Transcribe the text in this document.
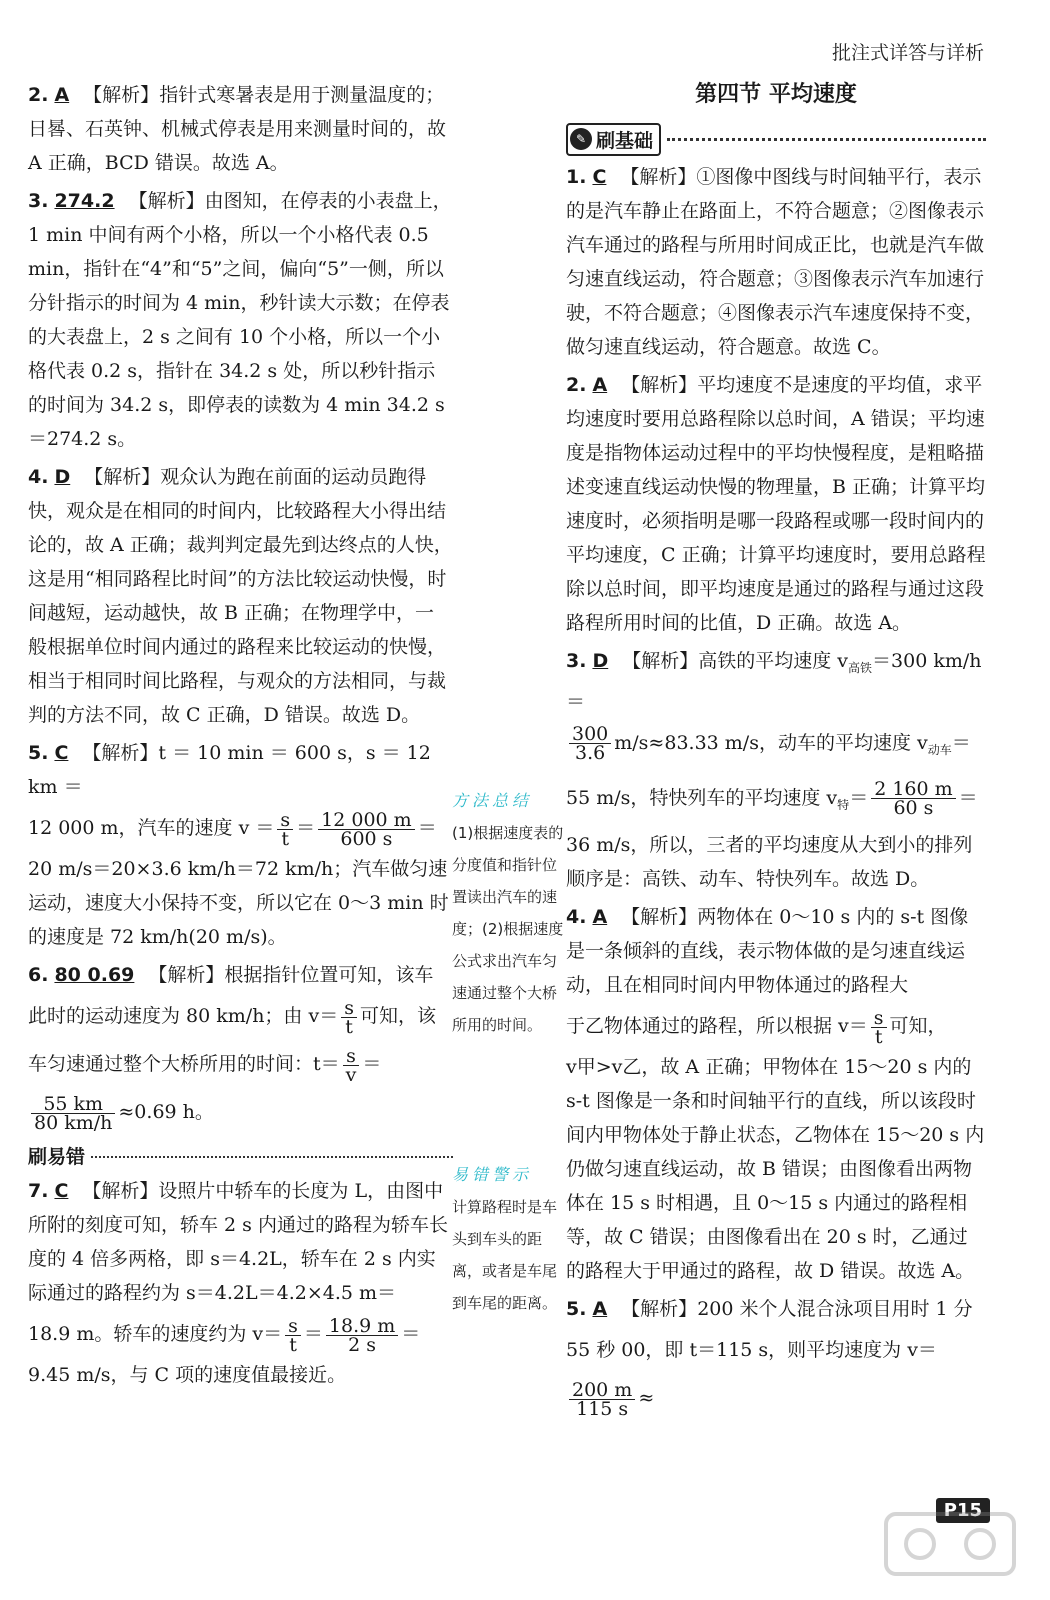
批注式详答与详析

2. A 【解析】指针式寒暑表是用于测量温度的；日晷、石英钟、机械式停表是用来测量时间的，故 A 正确，BCD 错误。故选 A。

3. 274.2 【解析】由图知，在停表的小表盘上，1 min 中间有两个小格，所以一个小格代表 0.5 min，指针在“4”和“5”之间，偏向“5”一侧，所以分针指示的时间为 4 min，秒针读大示数；在停表的大表盘上，2 s 之间有 10 个小格，所以一个小格代表 0.2 s，指针在 34.2 s 处，所以秒针指示的时间为 34.2 s，即停表的读数为 4 min 34.2 s＝274.2 s。

4. D 【解析】观众认为跑在前面的运动员跑得快，观众是在相同的时间内，比较路程大小得出结论的，故 A 正确；裁判判定最先到达终点的人快，这是用“相同路程比时间”的方法比较运动快慢，时间越短，运动越快，故 B 正确；在物理学中，一般根据单位时间内通过的路程来比较运动的快慢，相当于相同时间比路程，与观众的方法相同，与裁判的方法不同，故 C 正确，D 错误。故选 D。

5. C 【解析】t ＝ 10 min ＝ 600 s，s ＝ 12 km ＝

12 000 m，汽车的速度 $v = \frac{s}{t} = \frac{12 000 m}{600 s}$ ＝

20 m/s＝20×3.6 km/h＝72 km/h；汽车做匀速运动，速度大小保持不变，所以它在 0～3 min 时的速度是 72 km/h(20 m/s)。

6. 80 0.69 【解析】根据指针位置可知，该车

此时的运动速度为 80 km/h；由 $v= \frac{s}{t}$ 可知，该

车匀速通过整个大桥所用的时间：$t= \frac{s}{v}$ ＝

$\frac{55 km}{80 km/h} \approx 0.69$ h。

刷易错

7. C 【解析】设照片中轿车的长度为 L，由图中所附的刻度可知，轿车 2 s 内通过的路程为轿车长度的 4 倍多两格，即 s＝4.2L，轿车在 2 s 内实际通过的路程约为 s＝4.2L＝4.2×4.5 m＝

18.9 m。轿车的速度约为 $v= \frac{s}{t} = \frac{18.9 m}{2 s}$ ＝

9.45 m/s，与 C 项的速度值最接近。

方法总结
(1)根据速度表的分度值和指针位置读出汽车的速度；(2)根据速度公式求出汽车匀速通过整个大桥所用的时间。
易错警示
计算路程时是车头到车头的距离，或者是车尾到车尾的距离。
第四节 平均速度
✎ 刷基础

1. C 【解析】①图像中图线与时间轴平行，表示的是汽车静止在路面上，不符合题意；②图像表示汽车通过的路程与所用时间成正比，也就是汽车做匀速直线运动，符合题意；③图像表示汽车加速行驶，不符合题意；④图像表示汽车速度保持不变，做匀速直线运动，符合题意。故选 C。

2. A 【解析】平均速度不是速度的平均值，求平均速度时要用总路程除以总时间，A 错误；平均速度是指物体运动过程中的平均快慢程度，是粗略描述变速直线运动快慢的物理量，B 正确；计算平均速度时，必须指明是哪一段路程或哪一段时间内的平均速度，C 正确；计算平均速度时，要用总路程除以总时间，即平均速度是通过的路程与通过这段路程所用时间的比值，D 正确。故选 A。

3. D 【解析】高铁的平均速度 $v_{高铁}=300$ km/h＝

$\frac{300}{3.6} m/s\approx 83.33$ m/s，动车的平均速度 $v_{动车}=$

55 m/s，特快列车的平均速度 $v_特= \frac{2 160 m}{60 s}$ ＝

36 m/s，所以，三者的平均速度从大到小的排列顺序是：高铁、动车、特快列车。故选 D。

4. A 【解析】两物体在 0～10 s 内的 s-t 图像是一条倾斜的直线，表示物体做的是匀速直线运动，且在相同时间内甲物体通过的路程大

于乙物体通过的路程，所以根据 $v= \frac{s}{t}$ 可知，

v甲>v乙，故 A 正确；甲物体在 15～20 s 内的 s-t 图像是一条和时间轴平行的直线，所以该段时间内甲物体处于静止状态，乙物体在 15～20 s 内仍做匀速直线运动，故 B 错误；由图像看出两物体在 15 s 时相遇，且 0～15 s 内通过的路程相等，故 C 错误；由图像看出在 20 s 时，乙通过的路程大于甲通过的路程，故 D 错误。故选 A。

5. A 【解析】200 米个人混合泳项目用时 1 分

55 秒 00，即 t＝115 s，则平均速度为 v＝
$\frac{200 m}{115 s}$ ≈

P15
